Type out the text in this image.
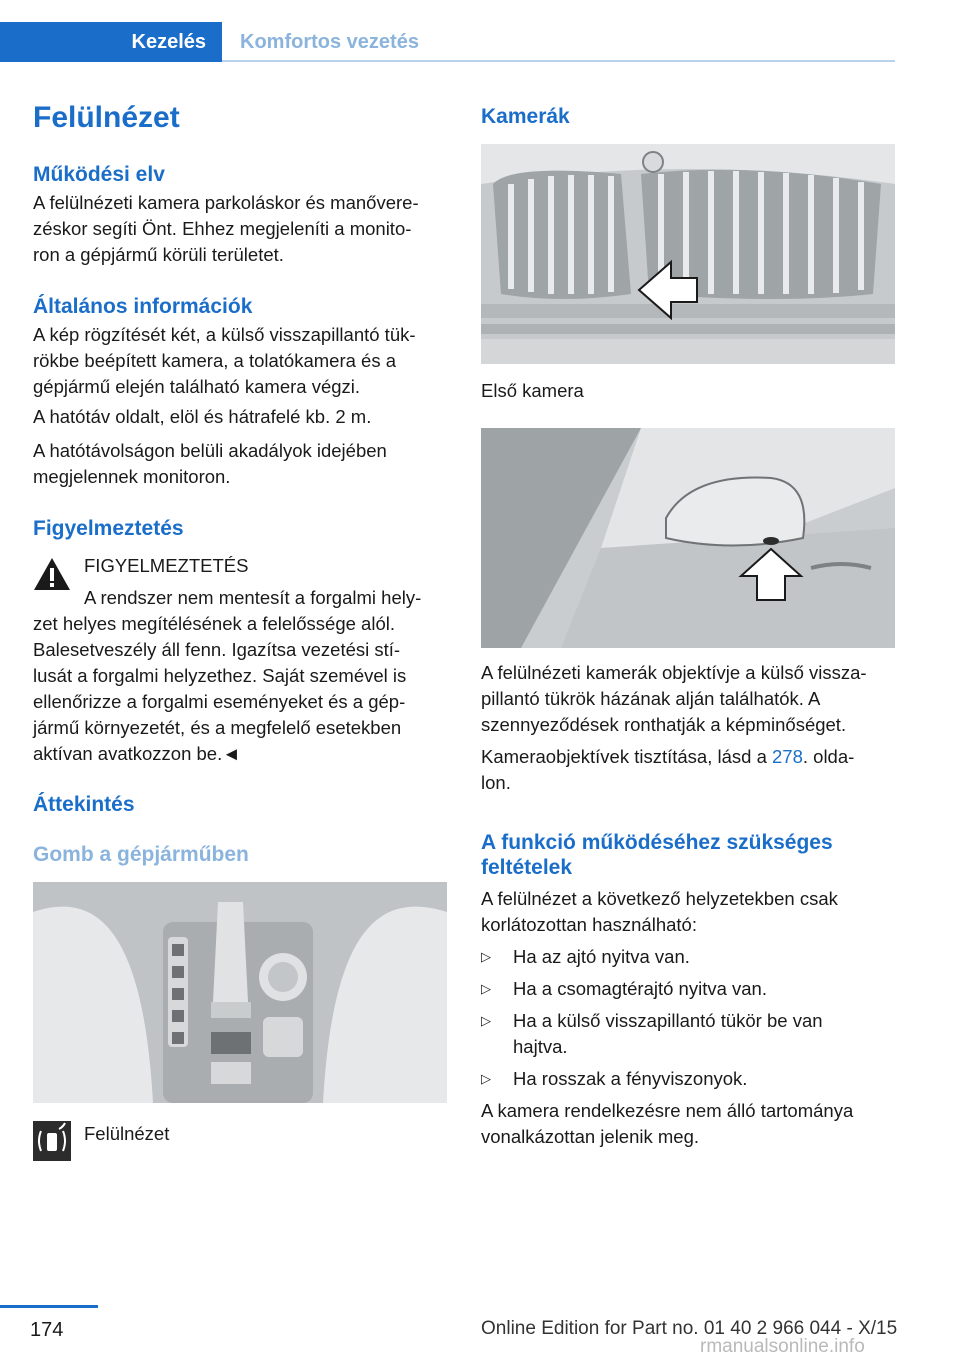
Kezelés	Komfortos vezetés
Felülnézet
Működési elv
A felülnézeti kamera parkoláskor és manővere‐
zéskor segíti Önt. Ehhez megjeleníti a monito‐
ron a gépjármű körüli területet.
Általános információk
A kép rögzítését két, a külső visszapillantó tük‐
rökbe beépített kamera, a tolatókamera és a
gépjármű elején található kamera végzi.
A hatótáv oldalt, elöl és hátrafelé kb. 2 m.
A hatótávolságon belüli akadályok idejében
megjelennek monitoron.
Figyelmeztetés
FIGYELMEZTETÉS
A rendszer nem mentesít a forgalmi hely‐
zet helyes megítélésének a felelőssége alól.
Balesetveszély áll fenn. Igazítsa vezetési stí‐
lusát a forgalmi helyzethez. Saját szemével is
ellenőrizze a forgalmi eseményeket és a gép‐
jármű környezetét, és a megfelelő esetekben
aktívan avatkozzon be.◄
Áttekintés
Gomb a gépjárműben
Felülnézet
Kamerák
Első kamera
A felülnézeti kamerák objektívje a külső vissza‐
pillantó tükrök házának alján találhatók. A
szennyeződések ronthatják a képminőséget.
Kameraobjektívek tisztítása, lásd a 278. olda‐
lon.
A funkció működéséhez szükséges
feltételek
A felülnézet a következő helyzetekben csak
korlátozottan használható:
▷	Ha az ajtó nyitva van.
▷	Ha a csomagtérajtó nyitva van.
▷	Ha a külső visszapillantó tükör be van hajtva.
▷	Ha rosszak a fényviszonyok.
A kamera rendelkezésre nem álló tartománya
vonalkázottan jelenik meg.
174	Online Edition for Part no. 01 40 2 966 044 - X/15
rmanualsonline.info
